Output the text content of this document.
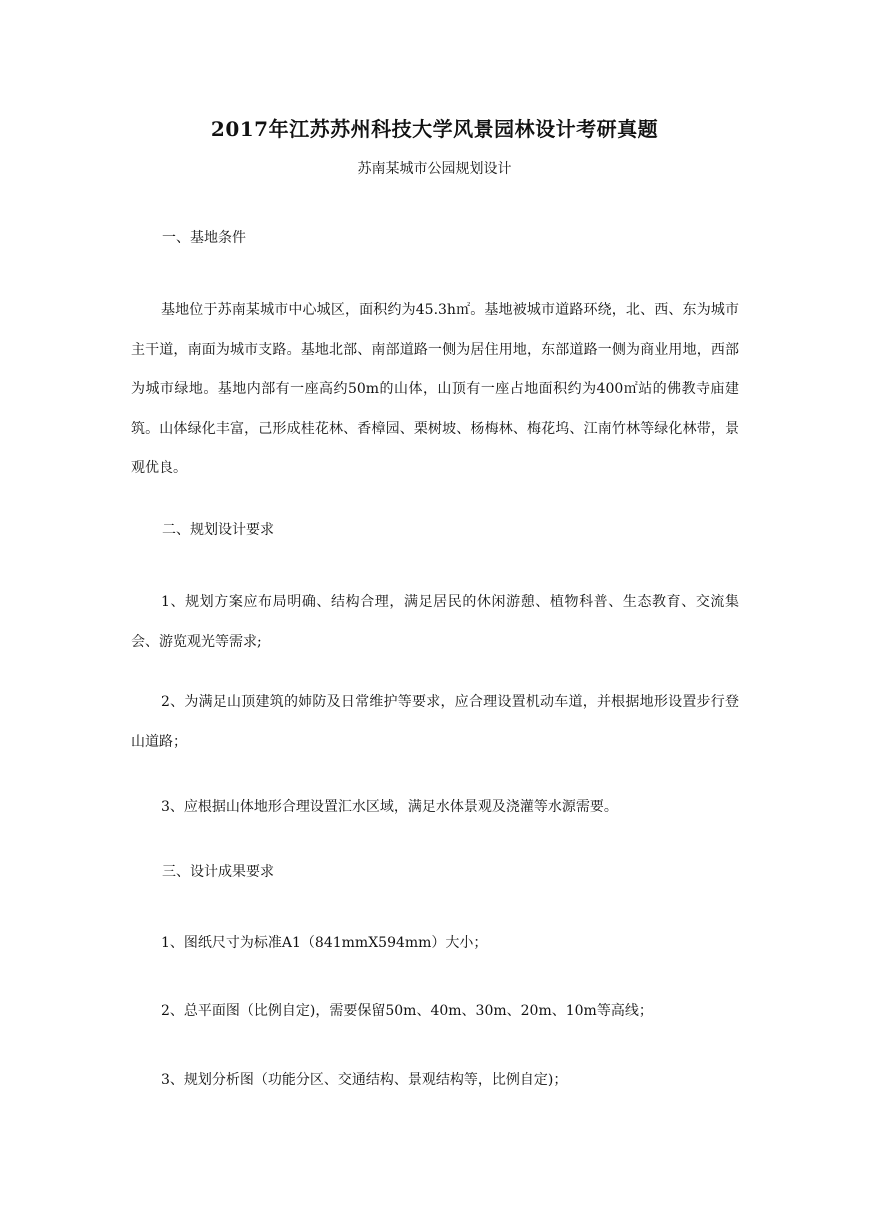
2017年江苏苏州科技大学风景园林设计考研真题
苏南某城市公园规划设计
一、基地条件
基地位于苏南某城市中心城区，面积约为45.3h㎡。基地被城市道路环绕，北、西、东为城市主干道，南面为城市支路。基地北部、南部道路一侧为居住用地，东部道路一侧为商业用地，西部为城市绿地。基地内部有一座高约50m的山体，山顶有一座占地面积约为400㎡站的佛教寺庙建筑。山体绿化丰富，己形成桂花林、香樟园、栗树坡、杨梅林、梅花坞、江南竹林等绿化林带，景观优良。
二、规划设计要求
1、规划方案应布局明确、结构合理，满足居民的休闲游憩、植物科普、生态教育、交流集会、游览观光等需求;
2、为满足山顶建筑的姉防及日常维护等要求，应合理设置机动车道，并根据地形设置步行登山道路；
3、应根据山体地形合理设置汇水区域，满足水体景观及浇灌等水源需要。
三、设计成果要求
1、图纸尺寸为标准A1（841mmX594mm）大小；
2、总平面图（比例自定)，需要保留50m、40m、30m、20m、10m等高线；
3、规划分析图（功能分区、交通结构、景观结构等，比例自定)；
